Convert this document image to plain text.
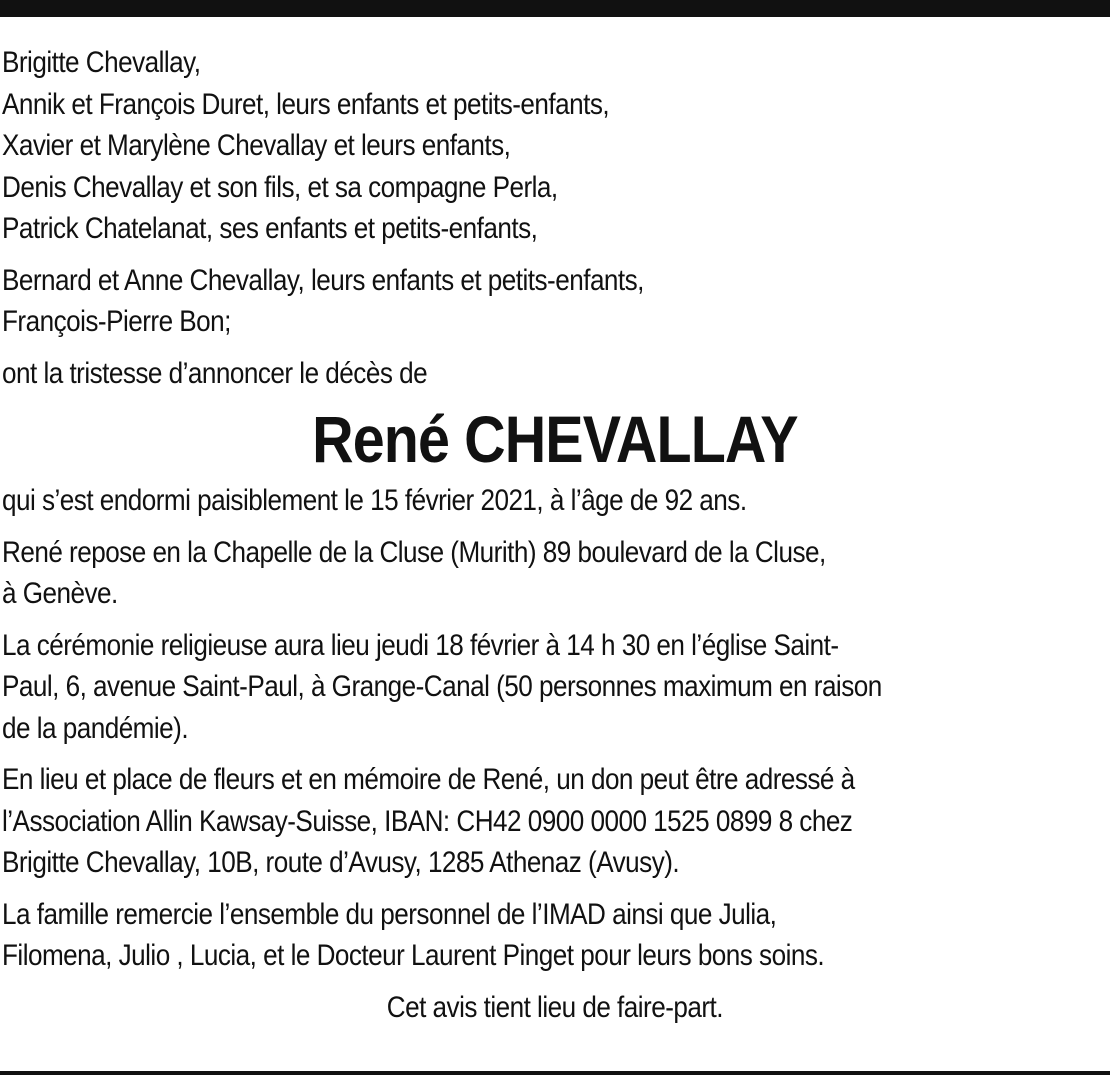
Brigitte Chevallay,
Annik et François Duret, leurs enfants et petits-enfants,
Xavier et Marylène Chevallay et leurs enfants,
Denis Chevallay et son fils, et sa compagne Perla,
Patrick Chatelanat, ses enfants et petits-enfants,
Bernard et Anne Chevallay, leurs enfants et petits-enfants,
François-Pierre Bon;
ont la tristesse d’annoncer le décès de
René CHEVALLAY
qui s’est endormi paisiblement le 15 février 2021, à l’âge de 92 ans.
René repose en la Chapelle de la Cluse (Murith) 89 boulevard de la Cluse,
à Genève.
La cérémonie religieuse aura lieu jeudi 18 février à 14 h 30 en l’église Saint-
Paul, 6, avenue Saint-Paul, à Grange-Canal (50 personnes maximum en raison
de la pandémie).
En lieu et place de fleurs et en mémoire de René, un don peut être adressé à
l’Association Allin Kawsay-Suisse, IBAN: CH42 0900 0000 1525 0899 8 chez
Brigitte Chevallay, 10B, route d’Avusy, 1285 Athenaz (Avusy).
La famille remercie l’ensemble du personnel de l’IMAD ainsi que Julia,
Filomena, Julio , Lucia, et le Docteur Laurent Pinget pour leurs bons soins.
Cet avis tient lieu de faire-part.
